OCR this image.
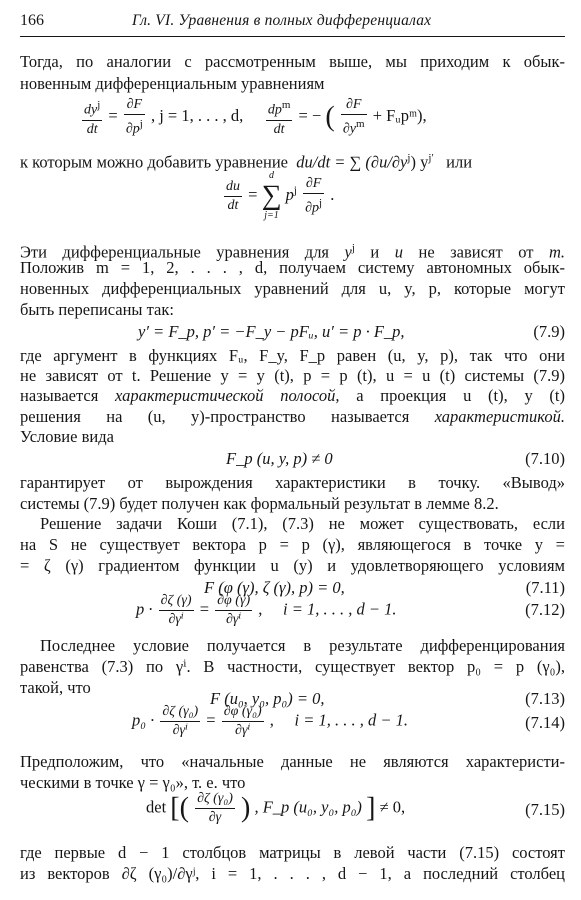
166	Гл. VI. Уравнения в полных дифференциалах
Тогда, по аналогии с рассмотренным выше, мы приходим к обык-
новенным дифференциальным уравнениям
$\frac{dy^j}{dt} = \frac{\partial F}{\partial p^j}$ , j = 1, . . . , d, $\frac{dp^m}{dt}$ = − ( $\frac{\partial F}{\partial y^m}$ + Fᵤpᵐ),
к которым можно добавить уравнение du/dt = ∑ $(\partial u/\partial y^j)$ $y^{j'}$ или
$\frac{du}{dt}$ =
d
∑
j=1
$p^j \frac{\partial F}{\partial p^j}$ .
Эти дифференциальные уравнения для $y^j$ и u не зависят от m.
Положив m = 1, 2, . . . , d, получаем систему автономных обык-
новенных дифференциальных уравнений для u, y, p, которые могут
быть переписаны так:
y′ = F_p, p′ = −F_y − pFᵤ, u′ = p · F_p,	(7.9)
где аргумент в функциях Fᵤ, F_y, F_p равен (u, y, p), так что они
не зависят от t. Решение y = y (t), p = p (t), u = u (t) системы (7.9)
называется характеристической полосой, а проекция u (t), y (t)
решения на (u, y)-пространство называется характеристикой.
Условие вида
F_p (u, y, p) ≠ 0	(7.10)
гарантирует от вырождения характеристики в точку. «Вывод»
системы (7.9) будет получен как формальный результат в лемме 8.2.
Решение задачи Коши (7.1), (7.3) не может существовать, если
на S не существует вектора p = p (γ), являющегося в точке y =
= ζ (γ) градиентом функции u (y) и удовлетворяющего условиям
F (φ (γ), ζ (γ), p) = 0,	(7.11)
$p \cdot \frac{\partial\zeta (\gamma)}{\text{∂γⁱ}} = \frac{\partial\varphi (\gamma)}{\text{∂γⁱ}}$ ,     i = 1, . . . , d − 1.	(7.12)
Последнее условие получается в результате дифференцирования
равенства (7.3) по γⁱ. В частности, существует вектор p₀ = p (γ₀),
такой, что
F (u₀, y₀, p₀) = 0,	(7.13)
$p_0 \cdot \frac{\text{∂ζ (γ₀)}}{\text{∂γⁱ}} = \frac{\text{∂φ (γ₀)}}{\text{∂γⁱ}}$ ,     i = 1, . . . , d − 1.	(7.14)
Предположим, что «начальные данные не являются характеристи-
ческими в точке γ = γ₀», т. е. что
det [( $\frac{\text{∂ζ (γ₀)}}{\partial\gamma}$ ) , F_p (u₀, y₀, p₀) ] ≠ 0,	(7.15)
где первые d − 1 столбцов матрицы в левой части (7.15) состоят
из векторов ∂ζ (γ₀)/∂γʲ, i = 1, . . . , d − 1, а последний столбец
